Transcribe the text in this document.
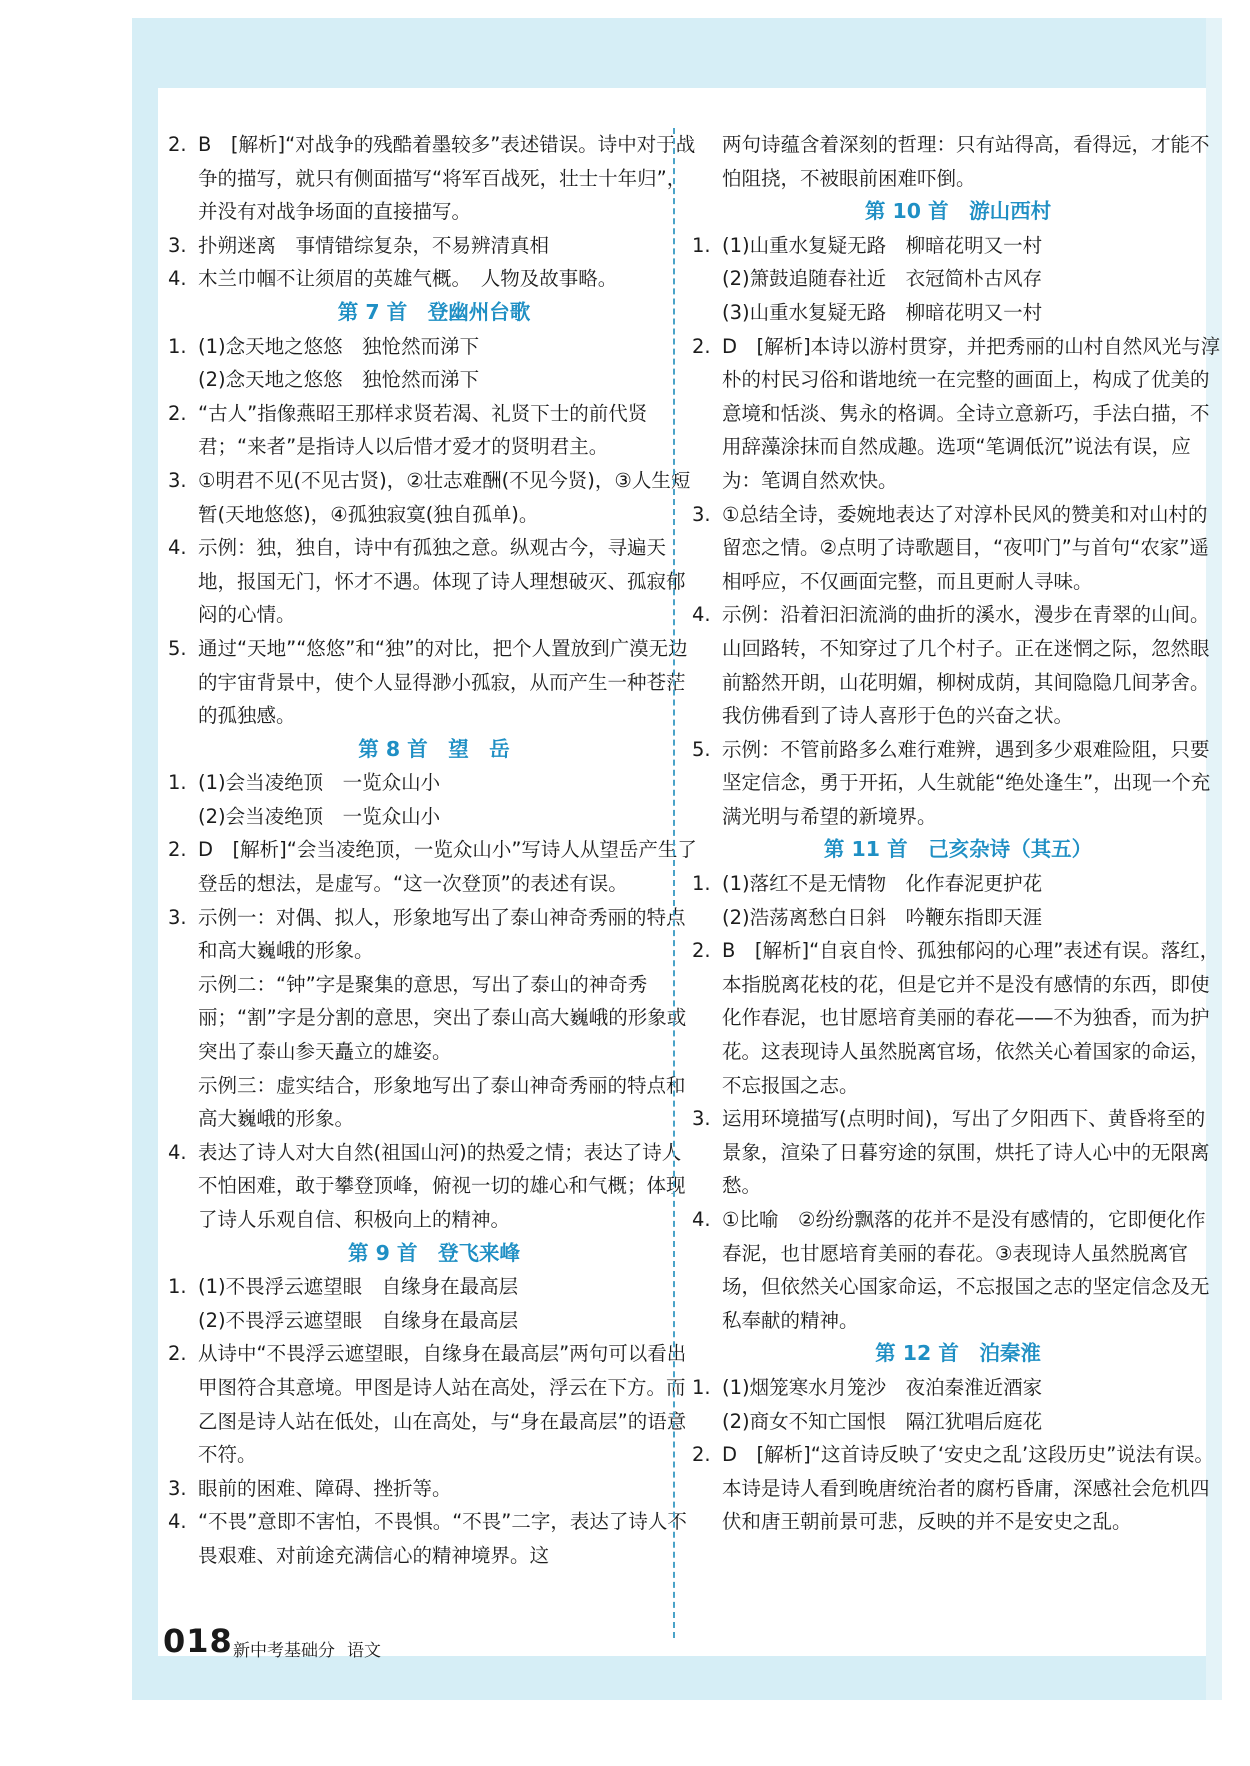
2. B　[解析]“对战争的残酷着墨较多”表述错误。诗中对于战争的描写，就只有侧面描写“将军百战死，壮士十年归”，并没有对战争场面的直接描写。
3. 扑朔迷离　事情错综复杂，不易辨清真相
4. 木兰巾帼不让须眉的英雄气概。　人物及故事略。
第 7 首　登幽州台歌
1. (1)念天地之悠悠　独怆然而涕下
(2)念天地之悠悠　独怆然而涕下
2. “古人”指像燕昭王那样求贤若渴、礼贤下士的前代贤君；“来者”是指诗人以后惜才爱才的贤明君主。
3. ①明君不见(不见古贤)，②壮志难酬(不见今贤)，③人生短暂(天地悠悠)，④孤独寂寞(独自孤单)。
4. 示例：独，独自，诗中有孤独之意。纵观古今，寻遍天地，报国无门，怀才不遇。体现了诗人理想破灭、孤寂郁闷的心情。
5. 通过“天地”“悠悠”和“独”的对比，把个人置放到广漠无边的宇宙背景中，使个人显得渺小孤寂，从而产生一种苍茫的孤独感。
第 8 首　望　岳
1. (1)会当凌绝顶　一览众山小
(2)会当凌绝顶　一览众山小
2. D　[解析]“会当凌绝顶，一览众山小”写诗人从望岳产生了登岳的想法，是虚写。“这一次登顶”的表述有误。
3. 示例一：对偶、拟人，形象地写出了泰山神奇秀丽的特点和高大巍峨的形象。
示例二：“钟”字是聚集的意思，写出了泰山的神奇秀丽；“割”字是分割的意思，突出了泰山高大巍峨的形象或突出了泰山参天矗立的雄姿。
示例三：虚实结合，形象地写出了泰山神奇秀丽的特点和高大巍峨的形象。
4. 表达了诗人对大自然(祖国山河)的热爱之情；表达了诗人不怕困难，敢于攀登顶峰，俯视一切的雄心和气概；体现了诗人乐观自信、积极向上的精神。
第 9 首　登飞来峰
1. (1)不畏浮云遮望眼　自缘身在最高层
(2)不畏浮云遮望眼　自缘身在最高层
2. 从诗中“不畏浮云遮望眼，自缘身在最高层”两句可以看出甲图符合其意境。甲图是诗人站在高处，浮云在下方。而乙图是诗人站在低处，山在高处，与“身在最高层”的语意不符。
3. 眼前的困难、障碍、挫折等。
4. “不畏”意即不害怕，不畏惧。“不畏”二字，表达了诗人不畏艰难、对前途充满信心的精神境界。这
两句诗蕴含着深刻的哲理：只有站得高，看得远，才能不怕阻挠，不被眼前困难吓倒。
第 10 首　游山西村
1. (1)山重水复疑无路　柳暗花明又一村
(2)箫鼓追随春社近　衣冠简朴古风存
(3)山重水复疑无路　柳暗花明又一村
2. D　[解析]本诗以游村贯穿，并把秀丽的山村自然风光与淳朴的村民习俗和谐地统一在完整的画面上，构成了优美的意境和恬淡、隽永的格调。全诗立意新巧，手法白描，不用辞藻涂抹而自然成趣。选项“笔调低沉”说法有误，应为：笔调自然欢快。
3. ①总结全诗，委婉地表达了对淳朴民风的赞美和对山村的留恋之情。②点明了诗歌题目，“夜叩门”与首句“农家”遥相呼应，不仅画面完整，而且更耐人寻味。
4. 示例：沿着汩汩流淌的曲折的溪水，漫步在青翠的山间。山回路转，不知穿过了几个村子。正在迷惘之际，忽然眼前豁然开朗，山花明媚，柳树成荫，其间隐隐几间茅舍。我仿佛看到了诗人喜形于色的兴奋之状。
5. 示例：不管前路多么难行难辨，遇到多少艰难险阻，只要坚定信念，勇于开拓，人生就能“绝处逢生”，出现一个充满光明与希望的新境界。
第 11 首　己亥杂诗（其五）
1. (1)落红不是无情物　化作春泥更护花
(2)浩荡离愁白日斜　吟鞭东指即天涯
2. B　[解析]“自哀自怜、孤独郁闷的心理”表述有误。落红，本指脱离花枝的花，但是它并不是没有感情的东西，即使化作春泥，也甘愿培育美丽的春花——不为独香，而为护花。这表现诗人虽然脱离官场，依然关心着国家的命运，不忘报国之志。
3. 运用环境描写(点明时间)，写出了夕阳西下、黄昏将至的景象，渲染了日暮穷途的氛围，烘托了诗人心中的无限离愁。
4. ①比喻　②纷纷飘落的花并不是没有感情的，它即便化作春泥，也甘愿培育美丽的春花。③表现诗人虽然脱离官场，但依然关心国家命运，不忘报国之志的坚定信念及无私奉献的精神。
第 12 首　泊秦淮
1. (1)烟笼寒水月笼沙　夜泊秦淮近酒家
(2)商女不知亡国恨　隔江犹唱后庭花
2. D　[解析]“这首诗反映了‘安史之乱’这段历史”说法有误。本诗是诗人看到晚唐统治者的腐朽昏庸，深感社会危机四伏和唐王朝前景可悲，反映的并不是安史之乱。
018 新中考基础分 语文
